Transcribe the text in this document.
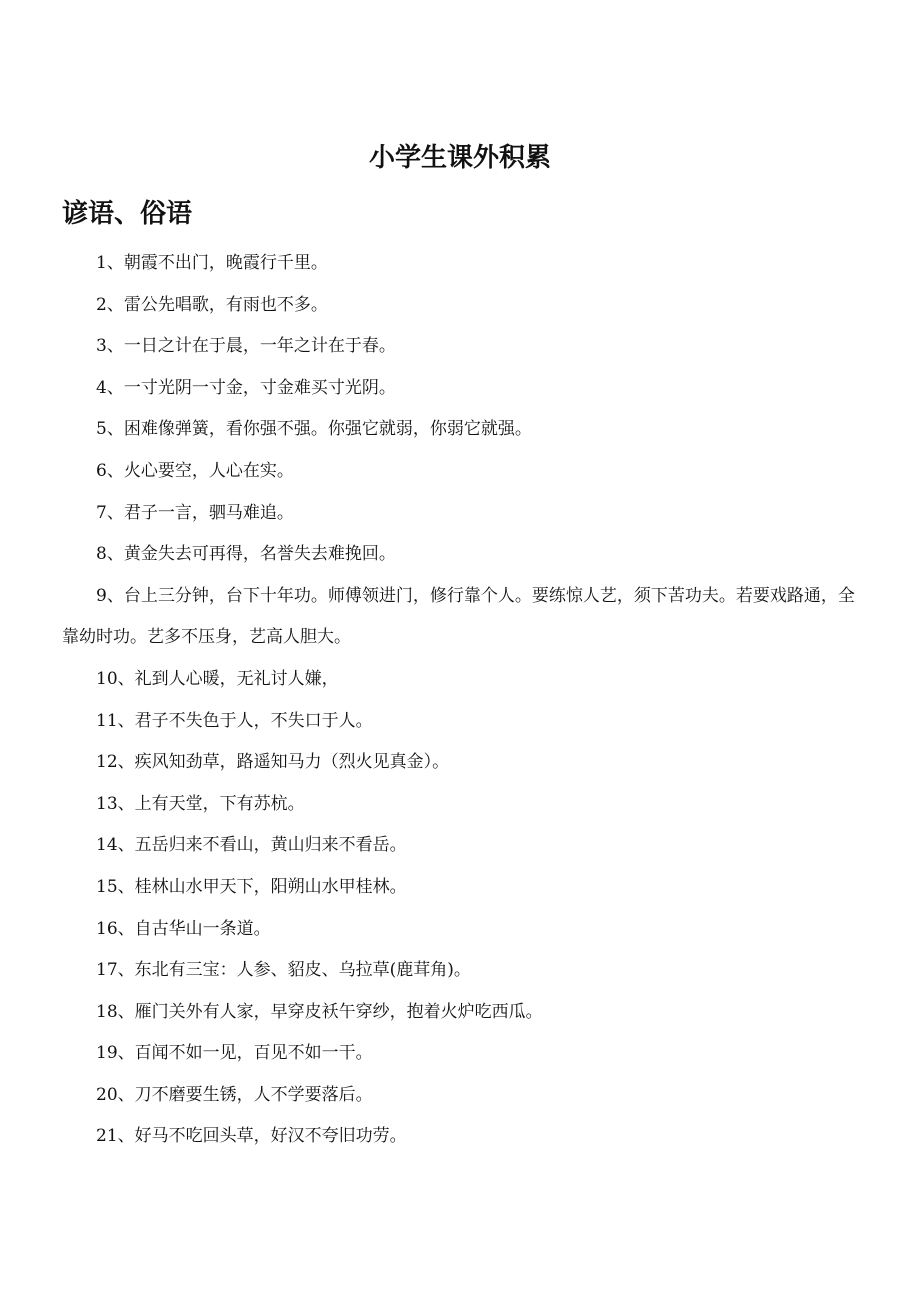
小学生课外积累
谚语、俗语
1、朝霞不出门，晚霞行千里。
2、雷公先唱歌，有雨也不多。
3、一日之计在于晨，一年之计在于春。
4、一寸光阴一寸金，寸金难买寸光阴。
5、困难像弹簧，看你强不强。你强它就弱，你弱它就强。
6、火心要空，人心在实。
7、君子一言，驷马难追。
8、黄金失去可再得，名誉失去难挽回。
9、台上三分钟，台下十年功。师傅领进门，修行靠个人。要练惊人艺，须下苦功夫。若要戏路通，全靠幼时功。艺多不压身，艺高人胆大。
10、礼到人心暖，无礼讨人嫌，
11、君子不失色于人，不失口于人。
12、疾风知劲草，路遥知马力（烈火见真金）。
13、上有天堂，下有苏杭。
14、五岳归来不看山，黄山归来不看岳。
15、桂林山水甲天下，阳朔山水甲桂林。
16、自古华山一条道。
17、东北有三宝：人参、貂皮、乌拉草(鹿茸角)。
18、雁门关外有人家，早穿皮袄午穿纱，抱着火炉吃西瓜。
19、百闻不如一见，百见不如一干。
20、刀不磨要生锈，人不学要落后。
21、好马不吃回头草，好汉不夸旧功劳。
